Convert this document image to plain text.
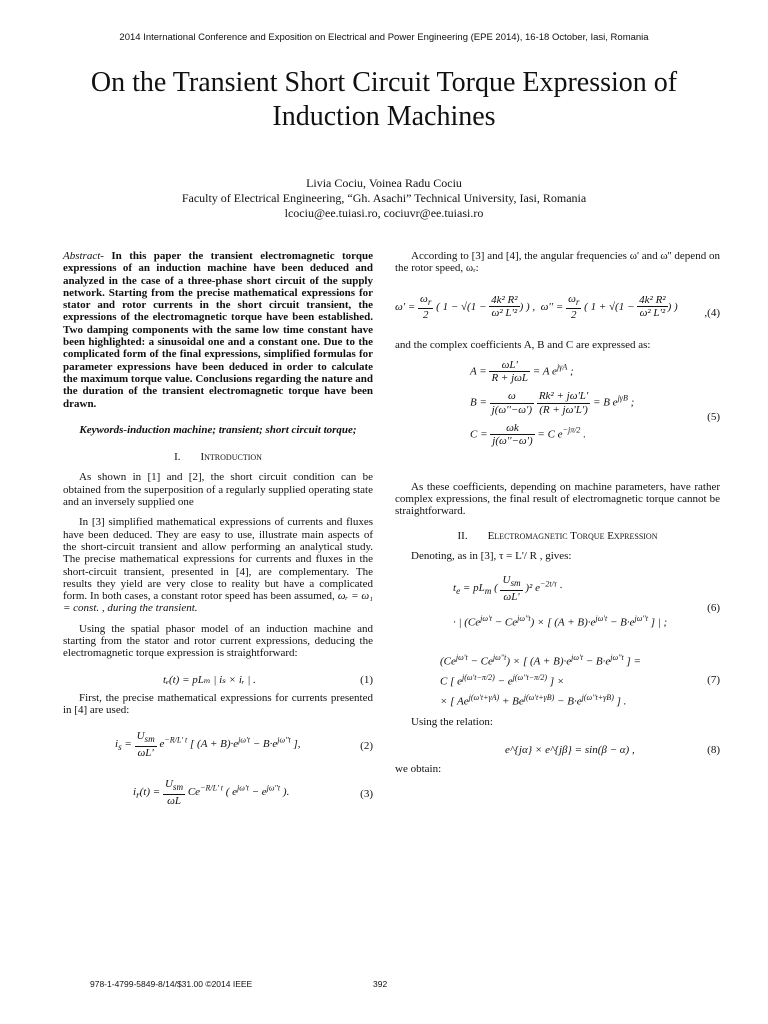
2014 International Conference and Exposition on Electrical and Power Engineering (EPE 2014), 16-18 October, Iasi, Romania
On the Transient Short Circuit Torque Expression of Induction Machines
Livia Cociu, Voinea Radu Cociu
Faculty of Electrical Engineering, “Gh. Asachi” Technical University, Iasi, Romania
lcociu@ee.tuiasi.ro, cociuvr@ee.tuiasi.ro

Abstract- In this paper the transient electromagnetic torque expressions of an induction machine have been deduced and analyzed in the case of a three-phase short circuit of the supply network. Starting from the precise mathematical expressions for stator and rotor currents in the short circuit transient, the expressions of the electromagnetic torque have been established. Two damping components with the same low time constant have been highlighted: a sinusoidal one and a constant one. Due to the complicated form of the final expressions, simplified formulas for parameter expressions have been deduced in order to calculate the maximum torque value. Conclusions regarding the nature and the duration of the transient electromagnetic torque have been drawn.

Keywords-induction machine; transient; short circuit torque;

I. Introduction

As shown in [1] and [2], the short circuit condition can be obtained from the superposition of a regularly supplied operating state and an inversely supplied one

In [3] simplified mathematical expressions of currents and fluxes have been deduced. They are easy to use, illustrate main aspects of the short-circuit transient and allow performing an analytical study. The precise mathematical expressions for currents and fluxes in the short-circuit transient, presented in [4], are complementary. The results they yield are very close to reality but have a complicated form. In both cases, a constant rotor speed has been assumed, ωᵣ = ω₁ = const. , during the transient.

Using the spatial phasor model of an induction machine and starting from the stator and rotor current expressions, deducing the electromagnetic torque expression is straightforward:

tₑ(t) = pLₘ | iₛ × iᵣ | .	(1)

First, the precise mathematical expressions for currents presented in [4] are used:

$i_s = \frac{U_{sm}}{\omega L'} e^{-R/L' t}$ [ $(A + B)\cdot e^{j\omega't} - B\cdot e^{j\omega''t}$ ],	(2)
$i_r(t) = \frac{U_{sm}}{\omega L} Ce^{-R/L' t}$ ( $e^{j\omega't} - e^{j\omega''t}$ ).	(3)

According to [3] and [4], the angular frequencies ω' and ω'' depend on the rotor speed, ωᵣ:

$\omega' = \frac{\omega_r}{2}$ ( $1 - √(1 - \frac{\text{4k² R²}}{\text{ω² L'²}}$ ) ) ,  $\omega'' = \frac{\omega_r}{2}$ ( $1 + √(1 - \frac{\text{4k² R²}}{\text{ω² L'²}}$ ) )
,(4)

and the complex coefficients A, B and C are expressed as:

$A = \frac{\omega L'}{\text{R + jωL}} = A$ $e^{j\gamma A}$ ;
$B = \frac{\omega}{j(\omega''-\omega')}$
$\frac{\text{Rk² + jω'L'}}{(R + j\omega'L')} = B$ $e^{j\gamma B}$ ;
$C = \frac{\omega k}{j(\omega''-\omega')} = C$ $e^{-j\pi/2}$ .
(5)

As these coefficients, depending on machine parameters, have rather complex expressions, the final result of electromagnetic torque cannot be straightforward.

II. Electromagnetic Torque Expression

Denoting, as in [3], τ = L'/ R , gives:

$t_e = pL_m$ ( $\frac{U_{sm}}{\omega L'} )^2$ $e^{-2t/\tau}$ ·
· | $(Ce^{j\omega't} - Ce^{j\omega''t})$ × [ $(A + B)\cdot e^{j\omega't} - B\cdot e^{j\omega''t}$ ] | ;
(6)
$(Ce^{j\omega't} - Ce^{j\omega''t})$ × [ $(A + B)\cdot e^{j\omega't} - B\cdot e^{j\omega''t}$ ] =
C [ $e^{j(\omega't-\pi/2)} - e^{j(\omega''t-\pi/2)}$ ] ×
× [ $Ae^{j(\omega't+\gamma A)} + Be^{j(\omega't+\gamma B)} - B\cdot e^{j(\omega''t+\gamma B)}$ ] .
(7)

Using the relation:

e^{jα} × e^{jβ} = sin(β − α) ,	(8)

we obtain:

978-1-4799-5849-8/14/$31.00 ©2014 IEEE	392
